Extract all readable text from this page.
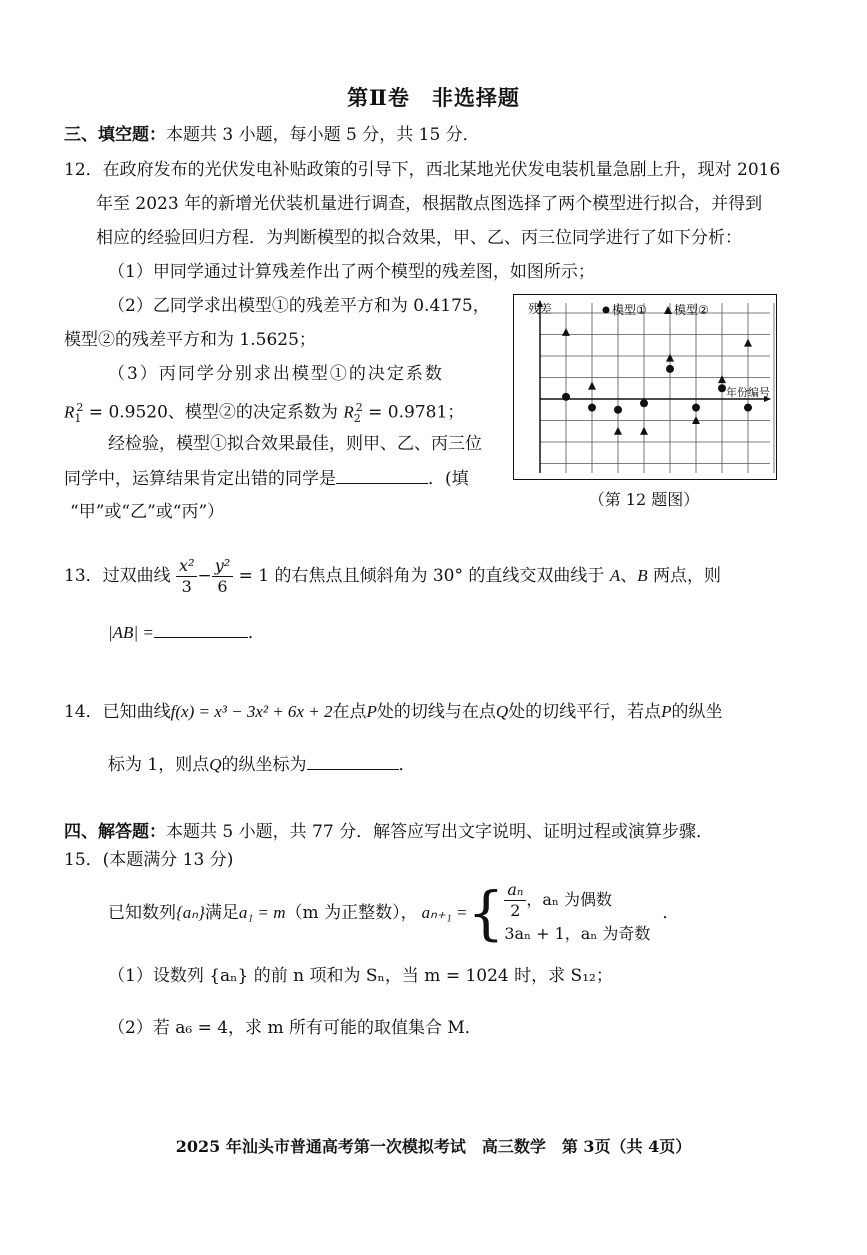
第Ⅱ卷　非选择题
三、填空题：本题共 3 小题，每小题 5 分，共 15 分．
12．在政府发布的光伏发电补贴政策的引导下，西北某地光伏发电装机量急剧上升，现对 2016
年至 2023 年的新增光伏装机量进行调查，根据散点图选择了两个模型进行拟合，并得到
相应的经验回归方程．为判断模型的拟合效果，甲、乙、丙三位同学进行了如下分析：
（1）甲同学通过计算残差作出了两个模型的残差图，如图所示；
（2）乙同学求出模型①的残差平方和为 0.4175，
模型②的残差平方和为 1.5625；
（3）丙同学分别求出模型①的决定系数
$R_1^2 = 0.9520$、模型②的决定系数为 $R_2^2 = 0.9781$；
经检验，模型①拟合效果最佳，则甲、乙、丙三位
同学中，运算结果肯定出错的同学是	．(填
“甲”或“乙”或“丙”）
残差
年份编号
模型① 模型②
（第 12 题图）
13．过双曲线 $\frac{\text{x²}}{3} - \frac{\text{y²}}{6} = 1$ 的右焦点且倾斜角为 30° 的直线交双曲线于 A、B 两点，则
|AB| =	．
14．已知曲线f(x) = x³ − 3x² + 6x + 2在点P处的切线与在点Q处的切线平行，若点P的纵坐
标为 1，则点Q的纵坐标为	．
四、解答题：本题共 5 小题，共 77 分．解答应写出文字说明、证明过程或演算步骤．
15．(本题满分 13 分)
已知数列 {aₙ} 满足 a₁ = m （m 为正整数）， aₙ₊₁ = { $\frac{\text{aₙ}}{2}$ ，aₙ 为偶数
3aₙ + 1，aₙ 为奇数
．
（1）设数列 {aₙ} 的前 n 项和为 Sₙ，当 m = 1024 时，求 S₁₂；
（2）若 a₆ = 4，求 m 所有可能的取值集合 M．
2025 年汕头市普通高考第一次模拟考试　高三数学　第 3页（共 4页）
